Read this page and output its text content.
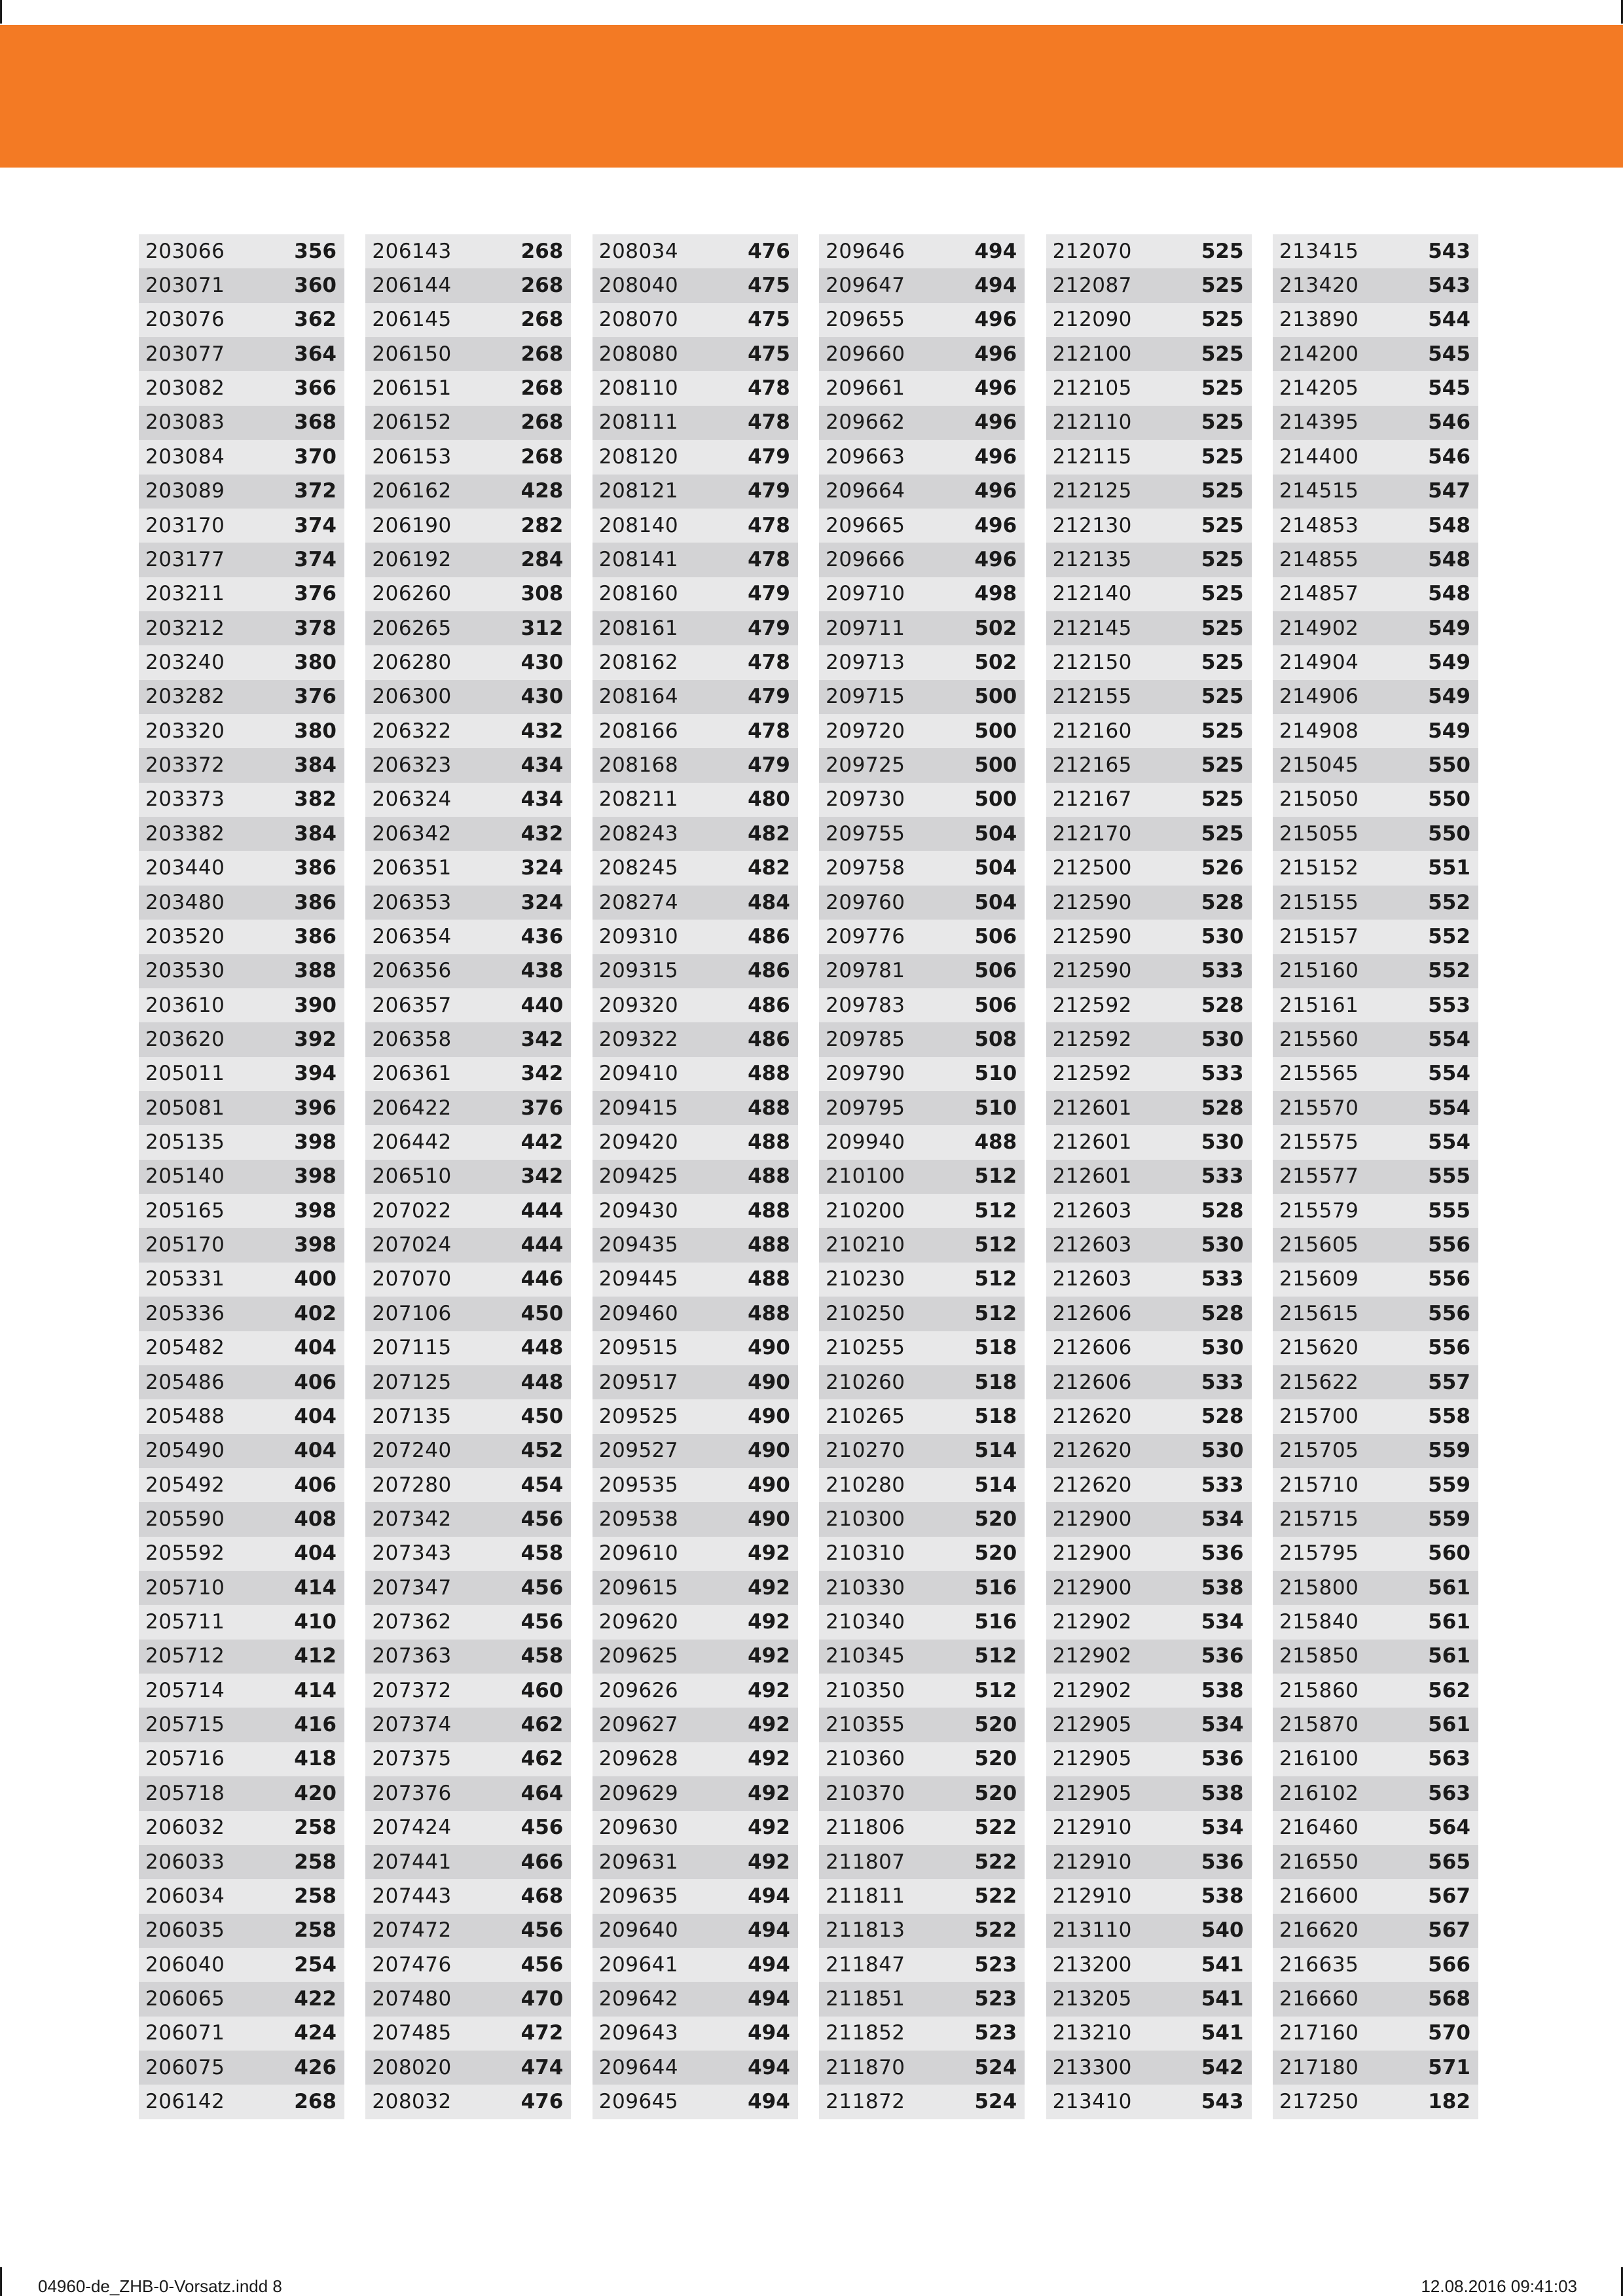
203066	356
203071	360
203076	362
203077	364
203082	366
203083	368
203084	370
203089	372
203170	374
203177	374
203211	376
203212	378
203240	380
203282	376
203320	380
203372	384
203373	382
203382	384
203440	386
203480	386
203520	386
203530	388
203610	390
203620	392
205011	394
205081	396
205135	398
205140	398
205165	398
205170	398
205331	400
205336	402
205482	404
205486	406
205488	404
205490	404
205492	406
205590	408
205592	404
205710	414
205711	410
205712	412
205714	414
205715	416
205716	418
205718	420
206032	258
206033	258
206034	258
206035	258
206040	254
206065	422
206071	424
206075	426
206142	268
206143	268
206144	268
206145	268
206150	268
206151	268
206152	268
206153	268
206162	428
206190	282
206192	284
206260	308
206265	312
206280	430
206300	430
206322	432
206323	434
206324	434
206342	432
206351	324
206353	324
206354	436
206356	438
206357	440
206358	342
206361	342
206422	376
206442	442
206510	342
207022	444
207024	444
207070	446
207106	450
207115	448
207125	448
207135	450
207240	452
207280	454
207342	456
207343	458
207347	456
207362	456
207363	458
207372	460
207374	462
207375	462
207376	464
207424	456
207441	466
207443	468
207472	456
207476	456
207480	470
207485	472
208020	474
208032	476
208034	476
208040	475
208070	475
208080	475
208110	478
208111	478
208120	479
208121	479
208140	478
208141	478
208160	479
208161	479
208162	478
208164	479
208166	478
208168	479
208211	480
208243	482
208245	482
208274	484
209310	486
209315	486
209320	486
209322	486
209410	488
209415	488
209420	488
209425	488
209430	488
209435	488
209445	488
209460	488
209515	490
209517	490
209525	490
209527	490
209535	490
209538	490
209610	492
209615	492
209620	492
209625	492
209626	492
209627	492
209628	492
209629	492
209630	492
209631	492
209635	494
209640	494
209641	494
209642	494
209643	494
209644	494
209645	494
209646	494
209647	494
209655	496
209660	496
209661	496
209662	496
209663	496
209664	496
209665	496
209666	496
209710	498
209711	502
209713	502
209715	500
209720	500
209725	500
209730	500
209755	504
209758	504
209760	504
209776	506
209781	506
209783	506
209785	508
209790	510
209795	510
209940	488
210100	512
210200	512
210210	512
210230	512
210250	512
210255	518
210260	518
210265	518
210270	514
210280	514
210300	520
210310	520
210330	516
210340	516
210345	512
210350	512
210355	520
210360	520
210370	520
211806	522
211807	522
211811	522
211813	522
211847	523
211851	523
211852	523
211870	524
211872	524
212070	525
212087	525
212090	525
212100	525
212105	525
212110	525
212115	525
212125	525
212130	525
212135	525
212140	525
212145	525
212150	525
212155	525
212160	525
212165	525
212167	525
212170	525
212500	526
212590	528
212590	530
212590	533
212592	528
212592	530
212592	533
212601	528
212601	530
212601	533
212603	528
212603	530
212603	533
212606	528
212606	530
212606	533
212620	528
212620	530
212620	533
212900	534
212900	536
212900	538
212902	534
212902	536
212902	538
212905	534
212905	536
212905	538
212910	534
212910	536
212910	538
213110	540
213200	541
213205	541
213210	541
213300	542
213410	543
213415	543
213420	543
213890	544
214200	545
214205	545
214395	546
214400	546
214515	547
214853	548
214855	548
214857	548
214902	549
214904	549
214906	549
214908	549
215045	550
215050	550
215055	550
215152	551
215155	552
215157	552
215160	552
215161	553
215560	554
215565	554
215570	554
215575	554
215577	555
215579	555
215605	556
215609	556
215615	556
215620	556
215622	557
215700	558
215705	559
215710	559
215715	559
215795	560
215800	561
215840	561
215850	561
215860	562
215870	561
216100	563
216102	563
216460	564
216550	565
216600	567
216620	567
216635	566
216660	568
217160	570
217180	571
217250	182
04960-de_ZHB-0-Vorsatz.indd 8	12.08.2016 09:41:03
